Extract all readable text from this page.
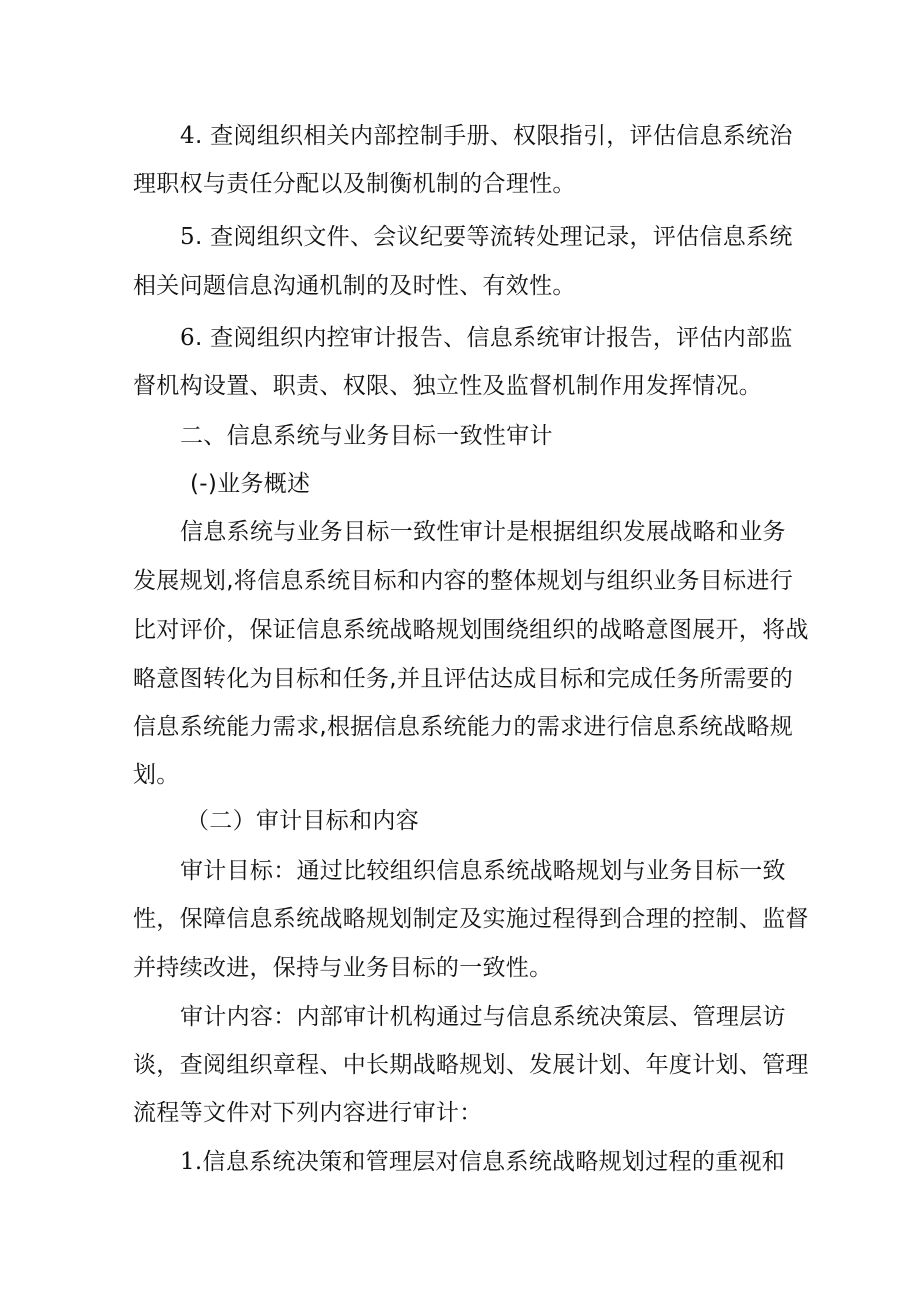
4. 查阅组织相关内部控制手册、权限指引，评估信息系统治
理职权与责任分配以及制衡机制的合理性。
5. 查阅组织文件、会议纪要等流转处理记录，评估信息系统
相关问题信息沟通机制的及时性、有效性。
6. 查阅组织内控审计报告、信息系统审计报告，评估内部监
督机构设置、职责、权限、独立性及监督机制作用发挥情况。
二、信息系统与业务目标一致性审计
(-)业务概述
信息系统与业务目标一致性审计是根据组织发展战略和业务
发展规划,将信息系统目标和内容的整体规划与组织业务目标进行
比对评价，保证信息系统战略规划围绕组织的战略意图展开，将战
略意图转化为目标和任务,并且评估达成目标和完成任务所需要的
信息系统能力需求,根据信息系统能力的需求进行信息系统战略规
划。
（二）审计目标和内容
审计目标：通过比较组织信息系统战略规划与业务目标一致
性，保障信息系统战略规划制定及实施过程得到合理的控制、监督
并持续改进，保持与业务目标的一致性。
审计内容：内部审计机构通过与信息系统决策层、管理层访
谈，查阅组织章程、中长期战略规划、发展计划、年度计划、管理
流程等文件对下列内容进行审计：
1.信息系统决策和管理层对信息系统战略规划过程的重视和
